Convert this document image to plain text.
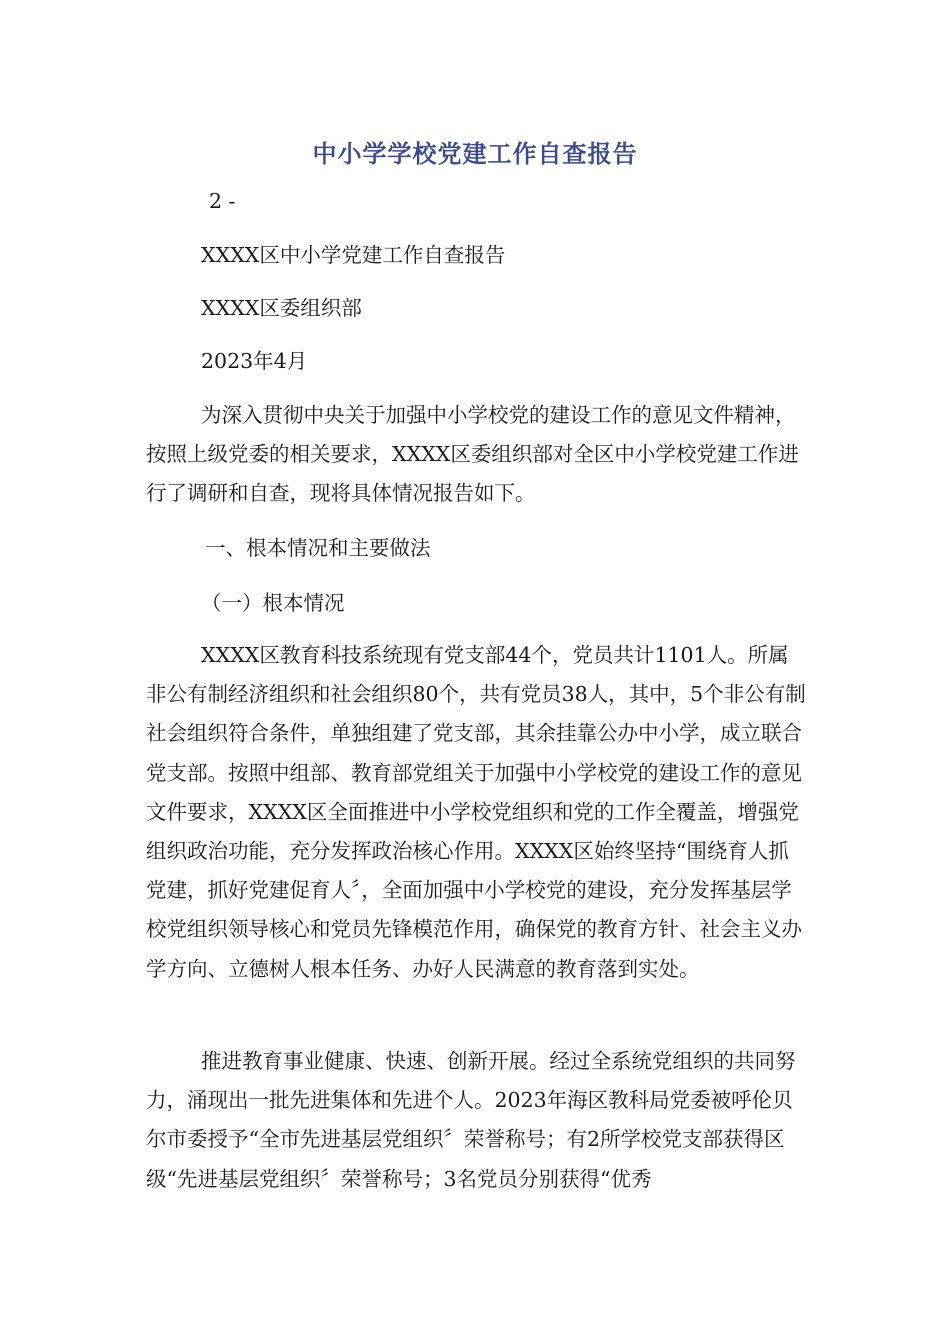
中小学学校党建工作自查报告
2 -
XXXX区中小学党建工作自查报告
XXXX区委组织部
2023年4月
为深入贯彻中央关于加强中小学校党的建设工作的意见文件精神，按照上级党委的相关要求，XXXX区委组织部对全区中小学校党建工作进行了调研和自查，现将具体情况报告如下。
一、根本情况和主要做法
（一）根本情况
XXXX区教育科技系统现有党支部44个，党员共计1101人。所属非公有制经济组织和社会组织80个，共有党员38人，其中，5个非公有制社会组织符合条件，单独组建了党支部，其余挂靠公办中小学，成立联合党支部。按照中组部、教育部党组关于加强中小学校党的建设工作的意见文件要求，XXXX区全面推进中小学校党组织和党的工作全覆盖，增强党组织政治功能，充分发挥政治核心作用。XXXX区始终坚持“围绕育人抓党建，抓好党建促育人〞，全面加强中小学校党的建设，充分发挥基层学校党组织领导核心和党员先锋模范作用，确保党的教育方针、社会主义办学方向、立德树人根本任务、办好人民满意的教育落到实处。
推进教育事业健康、快速、创新开展。经过全系统党组织的共同努力，涌现出一批先进集体和先进个人。2023年海区教科局党委被呼伦贝尔市委授予“全市先进基层党组织〞荣誉称号；有2所学校党支部获得区级“先进基层党组织〞荣誉称号；3名党员分别获得“优秀
